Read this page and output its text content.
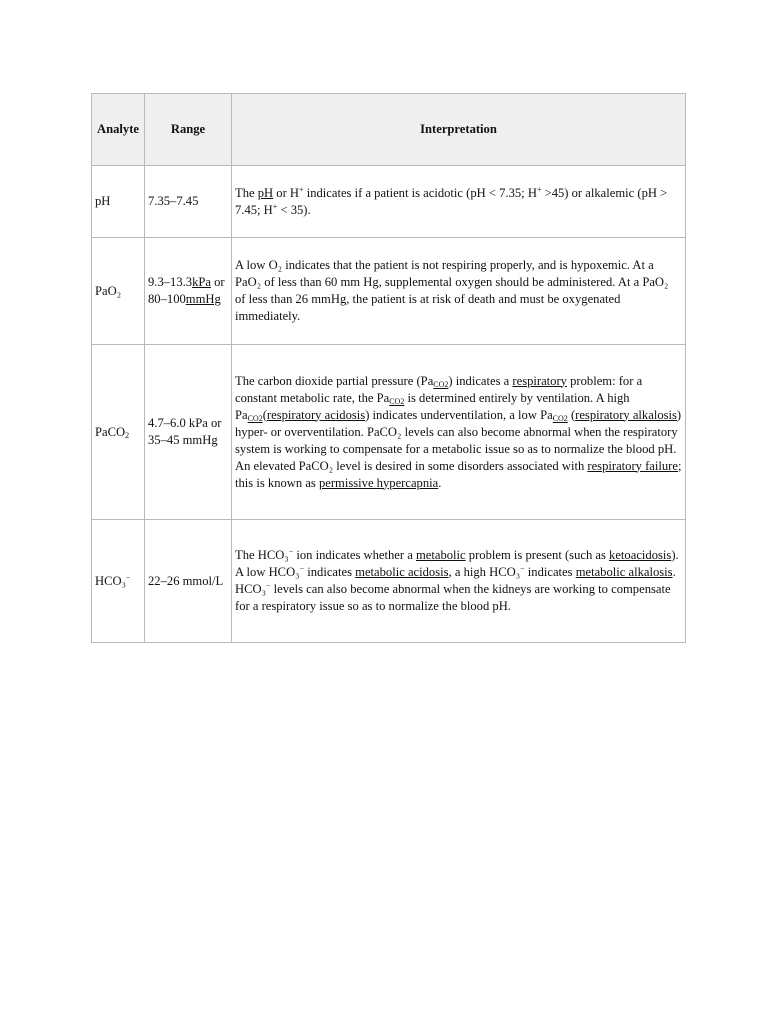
Analyte	Range	Interpretation
pH	7.35–7.45	The pH or H+ indicates if a patient is acidotic (pH < 7.35; H+ >45) or alkalemic (pH > 7.45; H+ < 35).
PaO₂	9.3–13.3kPa or 80–100mmHg	A low O₂ indicates that the patient is not respiring properly, and is hypoxemic. At a PaO₂ of less than 60 mm Hg, supplemental oxygen should be administered. At a PaO₂ of less than 26 mmHg, the patient is at risk of death and must be oxygenated immediately.
PaCO$_2$	4.7–6.0 kPa or 35–45 mmHg	The carbon dioxide partial pressure $(Pa_{CO2})$ indicates a respiratory problem: for a constant metabolic rate, the $Pa_{CO2}$ is determined entirely by ventilation. A high $Pa_{CO2}(respiratory$ acidosis) indicates underventilation, a low $Pa_{CO2}$ (respiratory alkalosis) hyper- or overventilation. PaCO₂ levels can also become abnormal when the respiratory system is working to compensate for a metabolic issue so as to normalize the blood pH. An elevated PaCO₂ level is desired in some disorders associated with respiratory failure; this is known as permissive hypercapnia.
HCO₃−	22–26 mmol/L	The HCO₃− ion indicates whether a metabolic problem is present (such as ketoacidosis). A low HCO₃− indicates metabolic acidosis, a high HCO₃− indicates metabolic alkalosis. HCO₃− levels can also become abnormal when the kidneys are working to compensate for a respiratory issue so as to normalize the blood pH.
